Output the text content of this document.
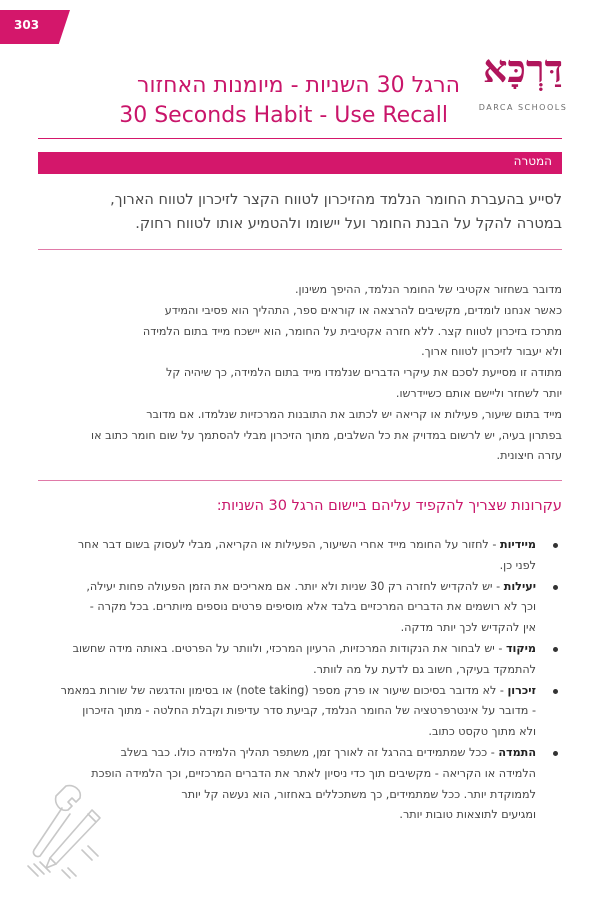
303
דַּרְכָּא
DARCA SCHOOLS
הרגל 30 השניות - מיומנות האחזור
30 Seconds Habit - Use Recall
המטרה
לסייע בהעברת החומר הנלמד מהזיכרון לטווח הקצר לזיכרון לטווח הארוך,
במטרה להקל על הבנת החומר ועל יישומו ולהטמיע אותו לטווח רחוק.

מדובר בשחזור אקטיבי של החומר הנלמד, ההיפך משינון.

כאשר אנחנו לומדים, מקשיבים להרצאה או קוראים ספר, התהליך הוא פסיבי והמידע

מתרכז בזיכרון לטווח קצר. ללא חזרה אקטיבית על החומר, הוא יישכח מייד בתום הלמידה

ולא יעבור לזיכרון לטווח ארוך.

מתודה זו מסייעת לסכם את עיקרי הדברים שנלמדו מייד בתום הלמידה, כך שיהיה קל

יותר לשחזר וליישם אותם כשיידרשו.

מייד בתום שיעור, פעילות או קריאה יש לכתוב את התובנות המרכזיות שנלמדו. אם מדובר

בפתרון בעיה, יש לרשום במדויק את כל השלבים, מתוך הזיכרון מבלי להסתמך על שום חומר כתוב או

עזרה חיצונית.

עקרונות שצריך להקפיד עליהם ביישום הרגל 30 השניות:
מיידיות - לחזור על החומר מייד אחרי השיעור, הפעילות או הקריאה, מבלי לעסוק בשום דבר אחר
לפני כן.
יעילות - יש להקדיש לחזרה רק 30 שניות ולא יותר. אם מאריכים את הזמן הפעולה פחות יעילה,
וכך לא רושמים את הדברים המרכזיים בלבד אלא מוסיפים פרטים נוספים מיותרים. בכל מקרה -
אין להקדיש לכך יותר מדקה.
מיקוד - יש לבחור את הנקודות המרכזיות, הרעיון המרכזי, ולוותר על הפרטים. באותה מידה שחשוב
להתמקד בעיקר, חשוב גם לדעת על מה לוותר.
זיכרון - לא מדובר בסיכום שיעור או פרק מספר (note taking) או בסימון והדגשה של שורות במאמר
- מדובר על אינטרפרטציה של החומר הנלמד, קביעת סדר עדיפות וקבלת החלטה - מתוך הזיכרון
ולא מתוך טקסט כתוב.
התמדה - ככל שמתמידים בהרגל זה לאורך זמן, משתפר תהליך הלמידה כולו. כבר בשלב
הלמידה או הקריאה - מקשיבים תוך כדי ניסיון לאתר את הדברים המרכזיים, וכך הלמידה הופכת
לממוקדת יותר. ככל שמתמידים, כך משתכללים באחזור, הוא נעשה קל יותר
ומגיעים לתוצאות טובות יותר.
